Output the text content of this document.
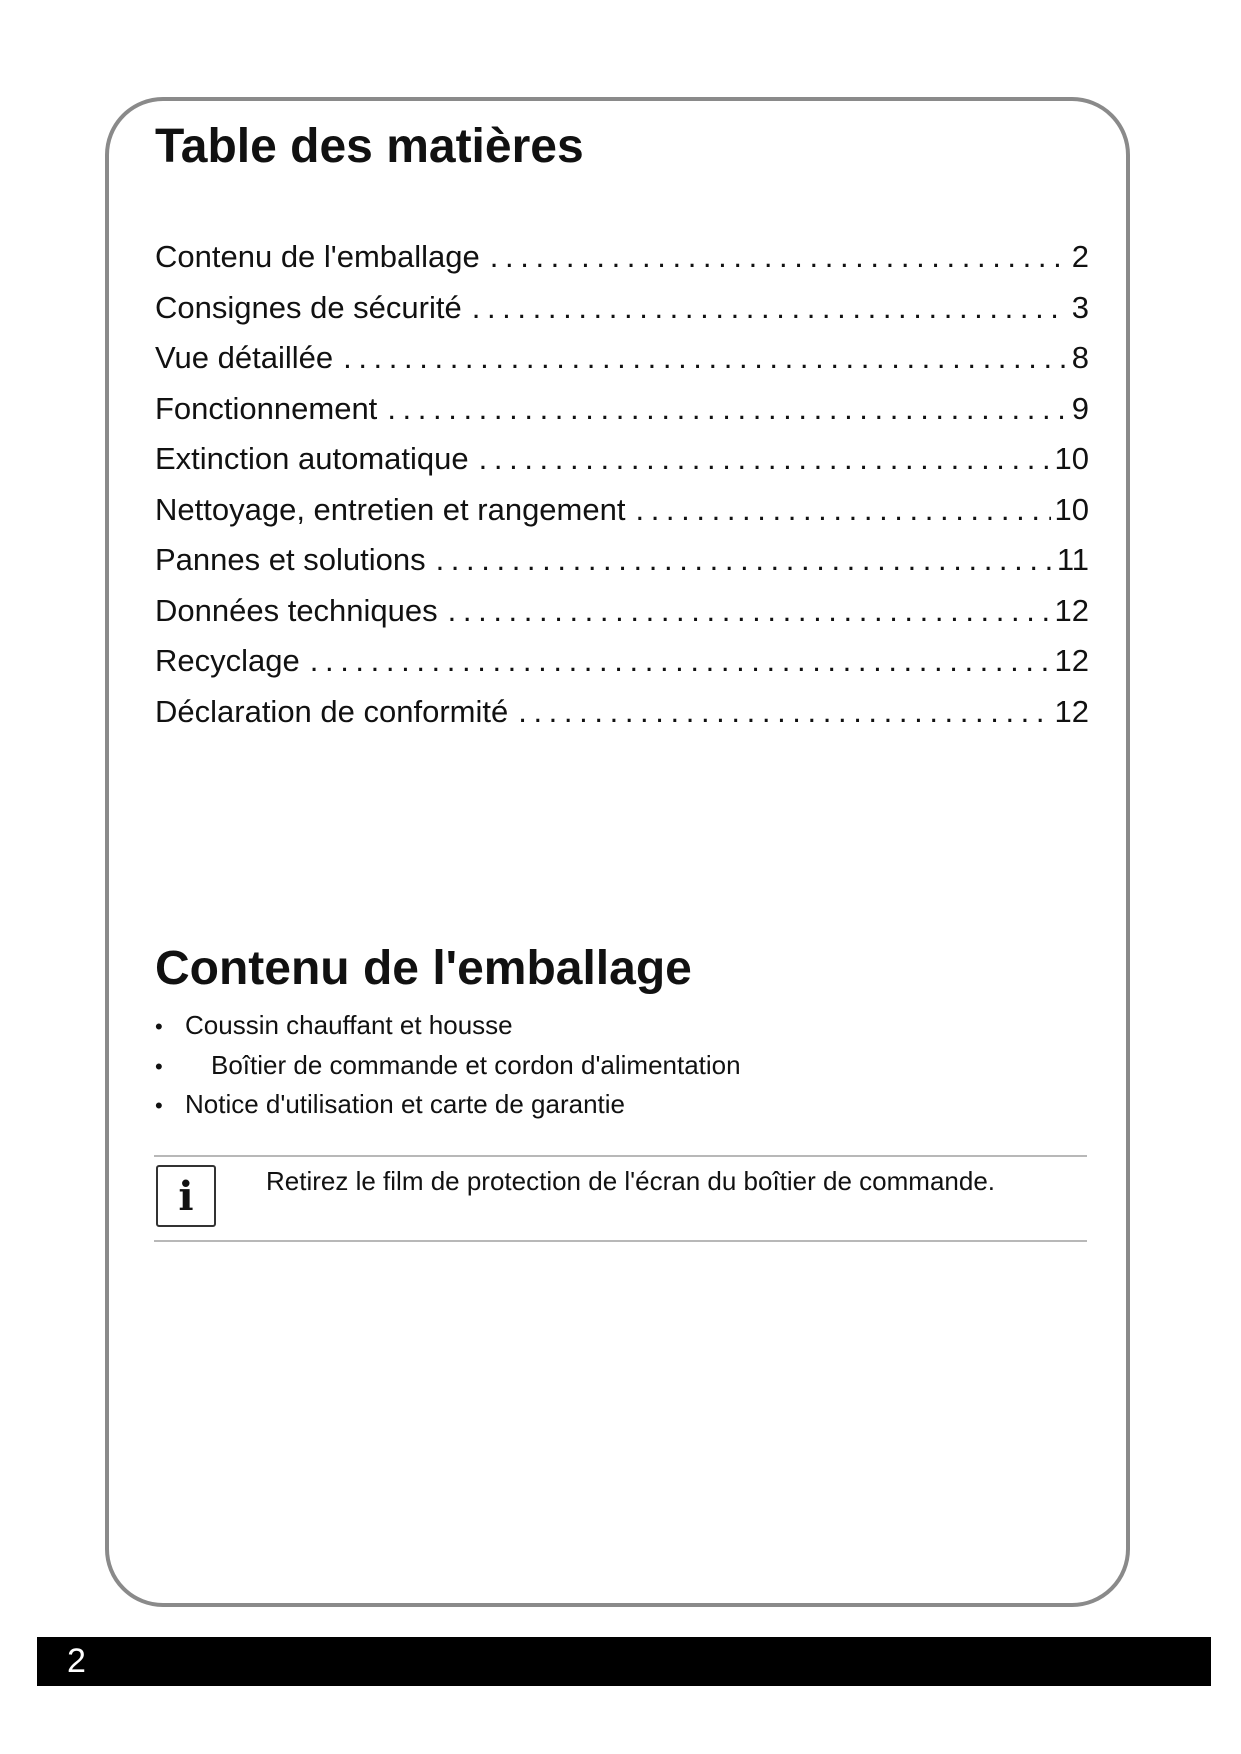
Table des matières
Contenu de l'emballage . . .	2
Consignes de sécurité . . .	3
Vue détaillée . . .	8
Fonctionnement . . .	9
Extinction automatique . . .	10
Nettoyage, entretien et rangement . . .	10
Pannes et solutions . . .	11
Données techniques . . .	12
Recyclage . . .	12
Déclaration de conformité . . .	12
Contenu de l'emballage
• Coussin chauffant et housse
•	Boîtier de commande et cordon d'alimentation
• Notice d'utilisation et carte de garantie
i	Retirez le film de protection de l'écran du boîtier de commande.
2
